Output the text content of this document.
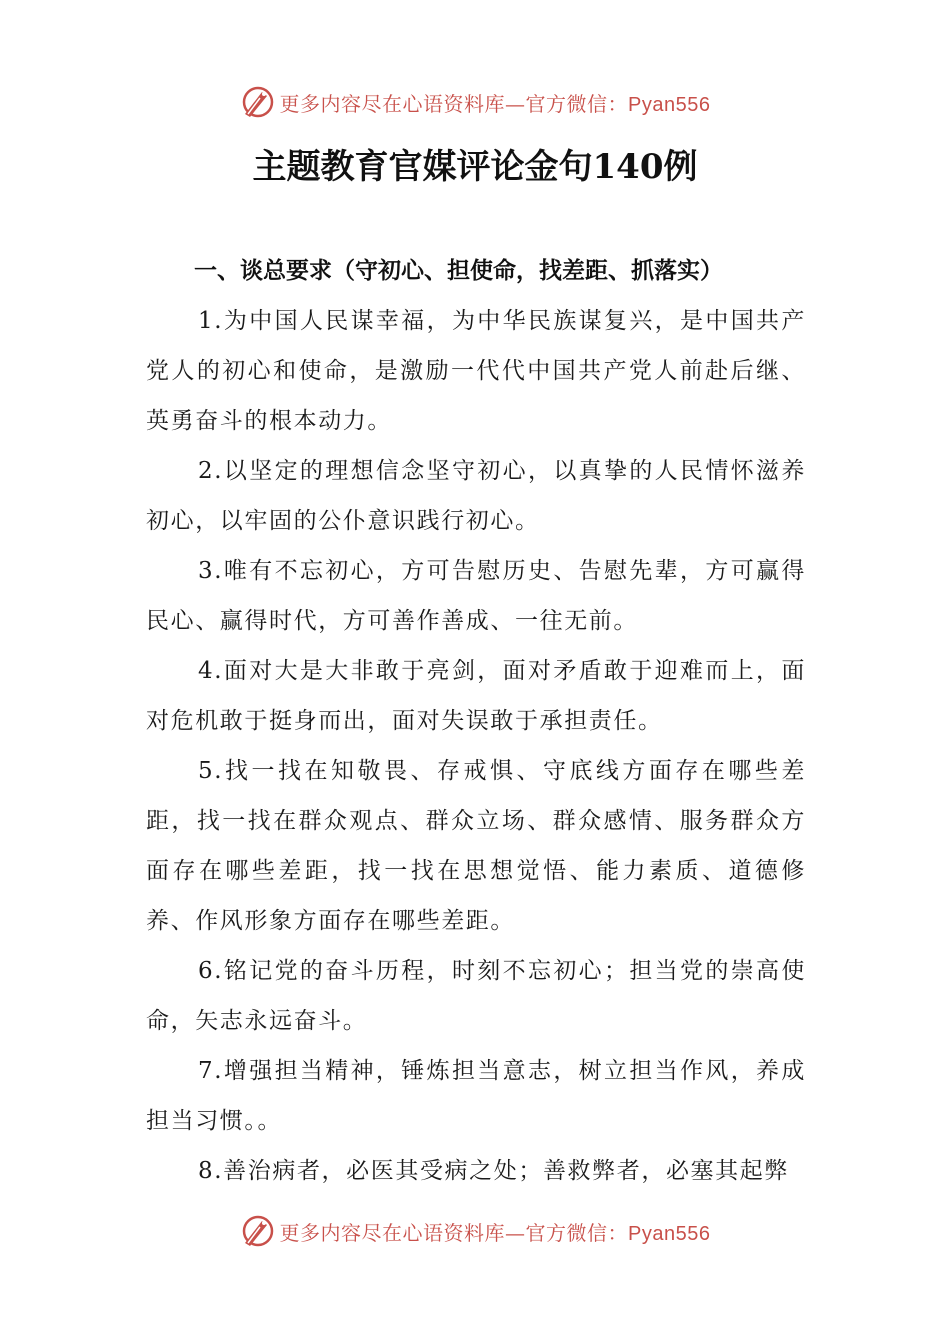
更多内容尽在心语资料库—官方微信：Pyan556
主题教育官媒评论金句140例

一、谈总要求（守初心、担使命，找差距、抓落实）

1.为中国人民谋幸福，为中华民族谋复兴，是中国共产党人的初心和使命，是激励一代代中国共产党人前赴后继、英勇奋斗的根本动力。

2.以坚定的理想信念坚守初心，以真挚的人民情怀滋养初心，以牢固的公仆意识践行初心。

3.唯有不忘初心，方可告慰历史、告慰先辈，方可赢得民心、赢得时代，方可善作善成、一往无前。

4.面对大是大非敢于亮剑，面对矛盾敢于迎难而上，面对危机敢于挺身而出，面对失误敢于承担责任。

5.找一找在知敬畏、存戒惧、守底线方面存在哪些差距，找一找在群众观点、群众立场、群众感情、服务群众方面存在哪些差距，找一找在思想觉悟、能力素质、道德修养、作风形象方面存在哪些差距。

6.铭记党的奋斗历程，时刻不忘初心；担当党的崇高使命，矢志永远奋斗。

7.增强担当精神，锤炼担当意志，树立担当作风，养成担当习惯。。

8.善治病者，必医其受病之处；善救弊者，必塞其起弊

更多内容尽在心语资料库—官方微信：Pyan556
